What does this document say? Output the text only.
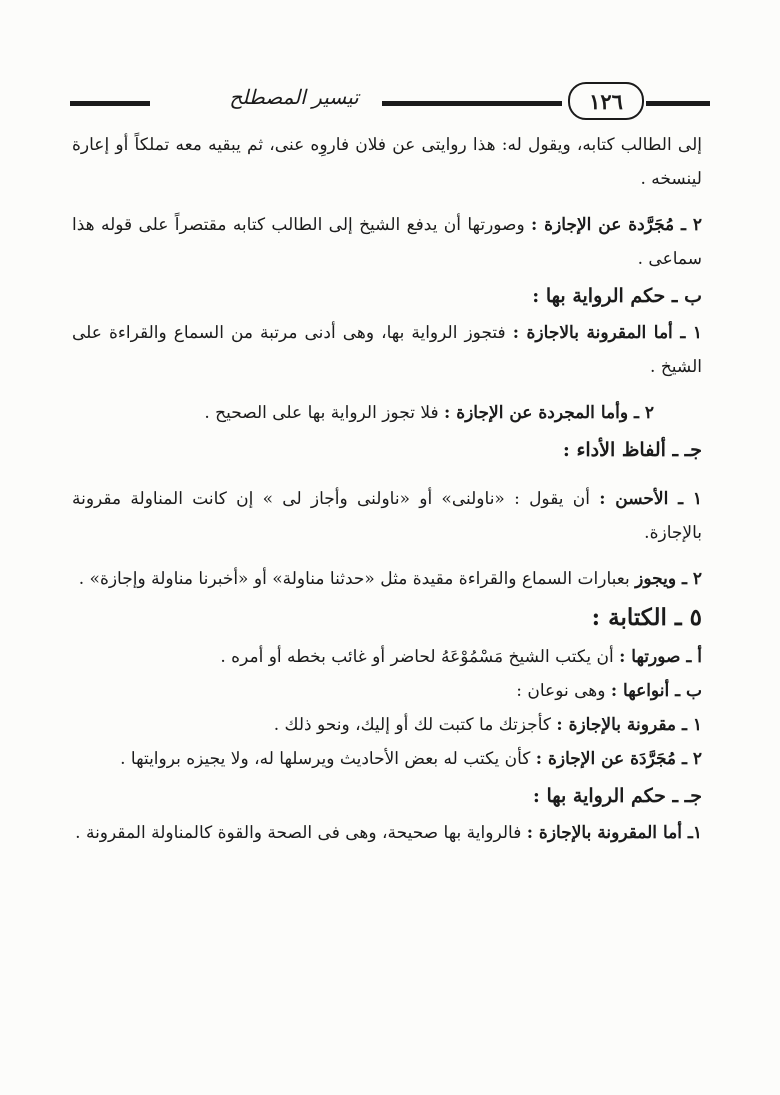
تيسير المصطلح	١٢٦

إلى الطالب كتابه، ويقول له: هذا روايتى عن فلان فاروِه عنى، ثم يبقيه معه تملكاً أو إعارة لينسخه .

٢ ـ مُجَرَّدة عن الإجازة : وصورتها أن يدفع الشيخ إلى الطالب كتابه مقتصراً على قوله هذا سماعى .

ب ـ حكم الرواية بها :

١ ـ أما المقرونة بالاجازة : فتجوز الرواية بها، وهى أدنى مرتبة من السماع والقراءة على الشيخ .

٢ ـ وأما المجردة عن الإجازة : فلا تجوز الرواية بها على الصحيح .

جـ ـ ألفاظ الأداء :

١ ـ الأحسن : أن يقول : «ناولنى» أو «ناولنى وأجاز لى » إن كانت المناولة مقرونة بالإجازة.

٢ ـ ويجوز بعبارات السماع والقراءة مقيدة مثل «حدثنا مناولة» أو «أخبرنا مناولة وإجازة» .

٥ ـ الكتابة :

أ ـ صورتها : أن يكتب الشيخ مَسْمُوْعَهُ لحاضر أو غائب بخطه أو أمره .

ب ـ أنواعها : وهى نوعان :

١ ـ مقرونة بالإجازة : كأجزتك ما كتبت لك أو إليك، ونحو ذلك .

٢ ـ مُجَرَّدَة عن الإجازة : كأن يكتب له بعض الأحاديث ويرسلها له، ولا يجيزه بروايتها .

جـ ـ حكم الرواية بها :

١ـ أما المقرونة بالإجازة : فالرواية بها صحيحة، وهى فى الصحة والقوة كالمناولة المقرونة .
